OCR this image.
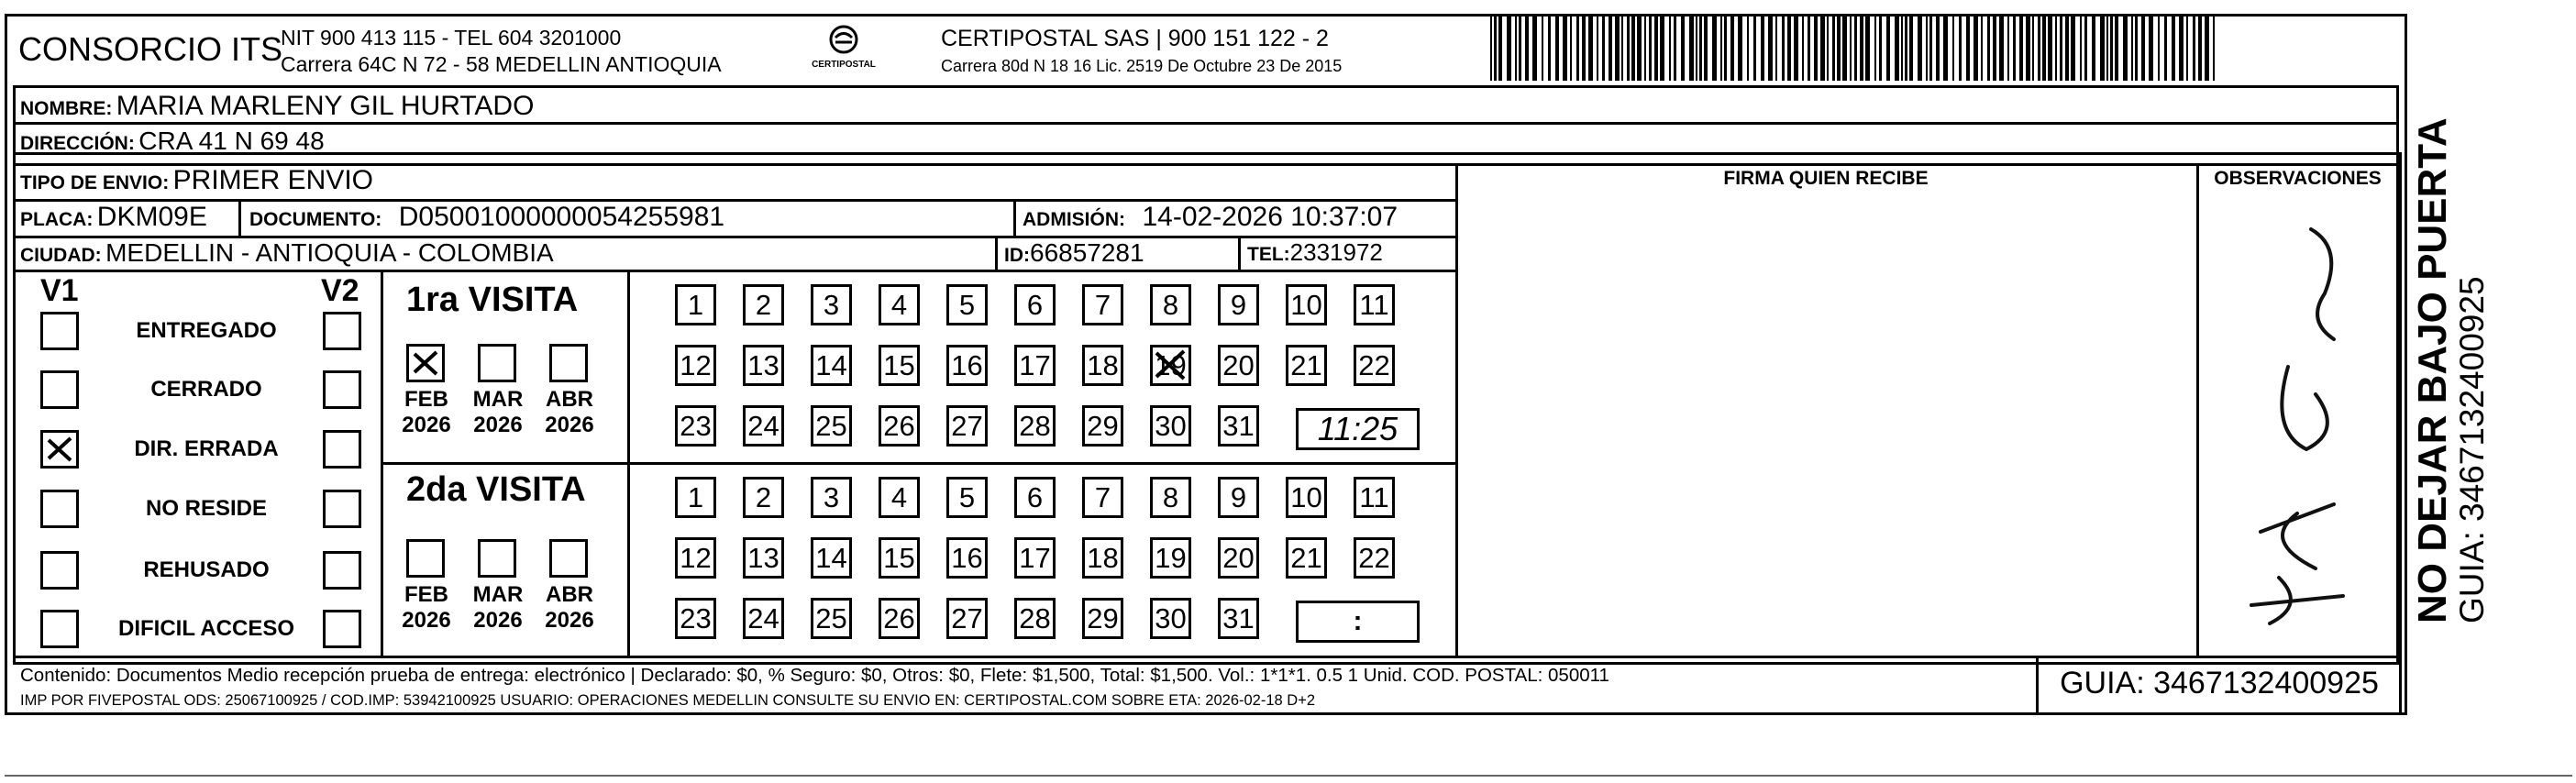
CONSORCIO ITS
NIT 900 413 115 - TEL 604 3201000
Carrera 64C N 72 - 58 MEDELLIN ANTIOQUIA	CERTIPOSTAL
CERTIPOSTAL SAS | 900 151 122 - 2
Carrera 80d N 18 16 Lic. 2519 De Octubre 23 De 2015
NOMBRE: MARIA MARLENY GIL HURTADO
DIRECCIÓN: CRA 41 N 69 48
TIPO DE ENVIO: PRIMER ENVIO	FIRMA QUIEN RECIBE	OBSERVACIONES
PLACA: DKM09E DOCUMENTO: D05001000000054255981	ADMISIÓN: 14-02-2026 10:37:07
CIUDAD: MEDELLIN - ANTIOQUIA - COLOMBIA	ID:66857281	TEL:2331972
V1	V2
ENTREGADO
CERRADO
DIR. ERRADA
NO RESIDE
REHUSADO
DIFICIL ACCESO
1ra VISITA
FEB
2026
MAR
2026
ABR
2026
1	2	3	4	5	6	7	8	9	10 11
12 13 14 15 16 17 18 19 20 21 22
23 24 25 26 27 28 29 30 31
2da VISITA
FEB
2026
MAR
2026
ABR
2026
1	2	3	4	5	6	7	8	9	10 11
12 13 14 15 16 17 18 19 20 21 22
23 24 25 26 27 28 29 30 31
11:25
:
Contenido: Documentos Medio recepción prueba de entrega: electrónico | Declarado: $0, % Seguro: $0, Otros: $0, Flete: $1,500, Total: $1,500. Vol.: 1*1*1. 0.5 1 Unid. COD. POSTAL: 050011
IMP POR FIVEPOSTAL ODS: 25067100925 / COD.IMP: 53942100925 USUARIO: OPERACIONES MEDELLIN CONSULTE SU ENVIO EN: CERTIPOSTAL.COM SOBRE ETA: 2026-02-18 D+2	GUIA: 3467132400925
NO DEJAR BAJO PUERTA
GUIA: 3467132400925
